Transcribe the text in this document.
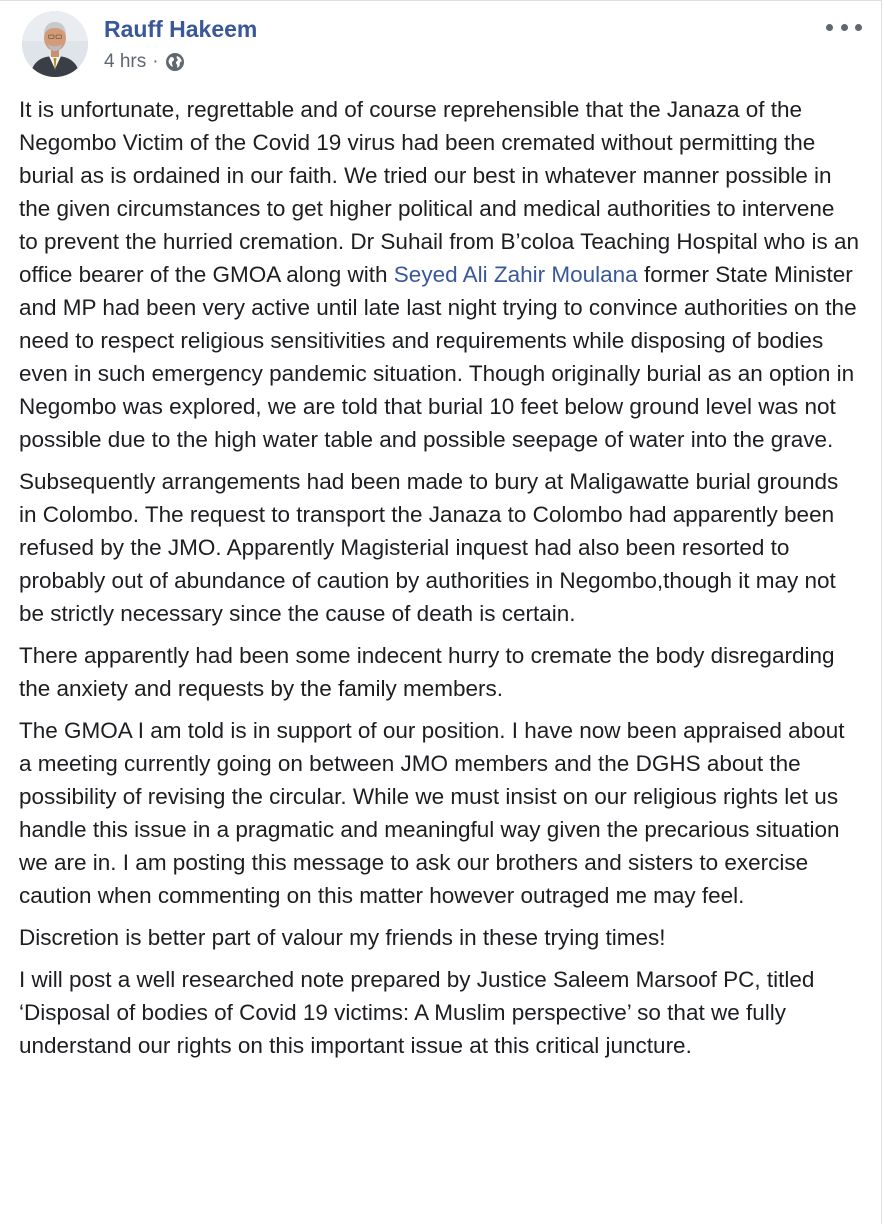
Rauff Hakeem
4 hrs ·

It is unfortunate, regrettable and of course reprehensible that the Janaza of the Negombo Victim of the Covid 19 virus had been cremated without permitting the burial as is ordained in our faith. We tried our best in whatever manner possible in the given circumstances to get higher political and medical authorities to intervene to prevent the hurried cremation. Dr Suhail from B’coloa Teaching Hospital who is an office bearer of the GMOA along with Seyed Ali Zahir Moulana former State Minister and MP had been very active until late last night trying to convince authorities on the need to respect religious sensitivities and requirements while disposing of bodies even in such emergency pandemic situation. Though originally burial as an option in Negombo was explored, we are told that burial 10 feet below ground level was not possible due to the high water table and possible seepage of water into the grave.

Subsequently arrangements had been made to bury at Maligawatte burial grounds in Colombo. The request to transport the Janaza to Colombo had apparently been refused by the JMO. Apparently Magisterial inquest had also been resorted to probably out of abundance of caution by authorities in Negombo,though it may not be strictly necessary since the cause of death is certain.

There apparently had been some indecent hurry to cremate the body disregarding the anxiety and requests by the family members.

The GMOA I am told is in support of our position. I have now been appraised about a meeting currently going on between JMO members and the DGHS about the possibility of revising the circular. While we must insist on our religious rights let us handle this issue in a pragmatic and meaningful way given the precarious situation we are in. I am posting this message to ask our brothers and sisters to exercise caution when commenting on this matter however outraged me may feel.

Discretion is better part of valour my friends in these trying times!

I will post a well researched note prepared by Justice Saleem Marsoof PC, titled ‘Disposal of bodies of Covid 19 victims: A Muslim perspective’ so that we fully understand our rights on this important issue at this critical juncture.
